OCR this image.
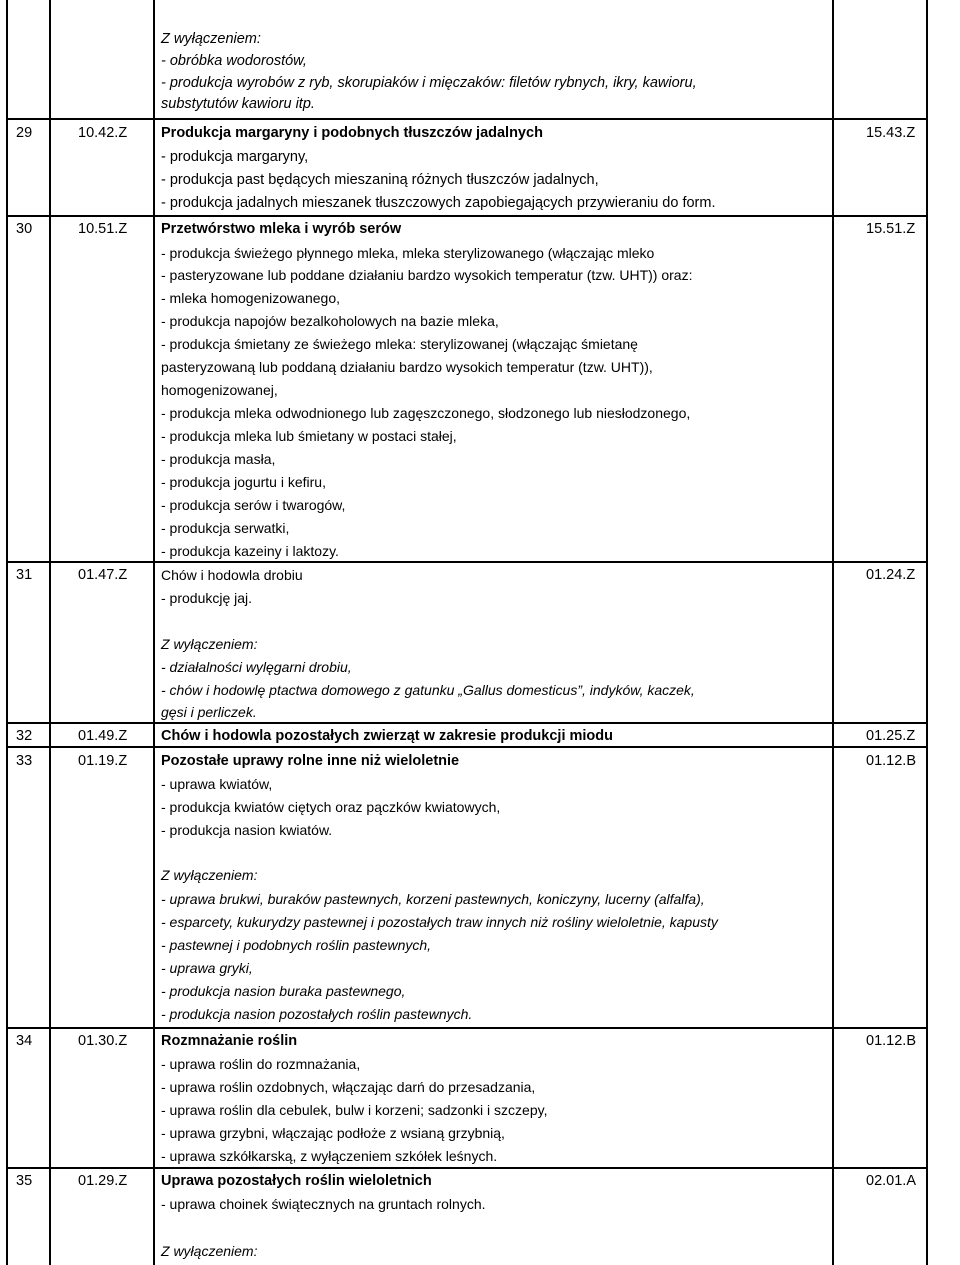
Z wyłączeniem:
- obróbka wodorostów,
- produkcja wyrobów z ryb, skorupiaków i mięczaków: filetów rybnych, ikry, kawioru,
substytutów kawioru itp.
29	10.42.Z Produkcja margaryny i podobnych tłuszczów jadalnych
- produkcja margaryny,
- produkcja past będących mieszaniną różnych tłuszczów jadalnych,
- produkcja jadalnych mieszanek tłuszczowych zapobiegających przywieraniu do form.
15.43.Z
30	10.51.Z Przetwórstwo mleka i wyrób serów
- produkcja świeżego płynnego mleka, mleka sterylizowanego (włączając mleko
- pasteryzowane lub poddane działaniu bardzo wysokich temperatur (tzw. UHT)) oraz:
- mleka homogenizowanego,
- produkcja napojów bezalkoholowych na bazie mleka,
- produkcja śmietany ze świeżego mleka: sterylizowanej (włączając śmietanę
pasteryzowaną lub poddaną działaniu bardzo wysokich temperatur (tzw. UHT)),
homogenizowanej,
- produkcja mleka odwodnionego lub zagęszczonego, słodzonego lub niesłodzonego,
- produkcja mleka lub śmietany w postaci stałej,
- produkcja masła,
- produkcja jogurtu i kefiru,
- produkcja serów i twarogów,
- produkcja serwatki,
- produkcja kazeiny i laktozy.
15.51.Z
31	01.47.Z Chów i hodowla drobiu
- produkcję jaj.
Z wyłączeniem:
- działalności wylęgarni drobiu,
- chów i hodowlę ptactwa domowego z gatunku „Gallus domesticus”, indyków, kaczek,
gęsi i perliczek.
01.24.Z
32	01.49.Z Chów i hodowla pozostałych zwierząt w zakresie produkcji miodu	01.25.Z
33	01.19.Z Pozostałe uprawy rolne inne niż wieloletnie
- uprawa kwiatów,
- produkcja kwiatów ciętych oraz pączków kwiatowych,
- produkcja nasion kwiatów.
Z wyłączeniem:
- uprawa brukwi, buraków pastewnych, korzeni pastewnych, koniczyny, lucerny (alfalfa),
- esparcety, kukurydzy pastewnej i pozostałych traw innych niż rośliny wieloletnie, kapusty
- pastewnej i podobnych roślin pastewnych,
- uprawa gryki,
- produkcja nasion buraka pastewnego,
- produkcja nasion pozostałych roślin pastewnych.
01.12.B
34	01.30.Z Rozmnażanie roślin
- uprawa roślin do rozmnażania,
- uprawa roślin ozdobnych, włączając darń do przesadzania,
- uprawa roślin dla cebulek, bulw i korzeni; sadzonki i szczepy,
- uprawa grzybni, włączając podłoże z wsianą grzybnią,
- uprawa szkółkarską, z wyłączeniem szkółek leśnych.
01.12.B
35	01.29.Z Uprawa pozostałych roślin wieloletnich
- uprawa choinek świątecznych na gruntach rolnych.
Z wyłączeniem:
02.01.A
